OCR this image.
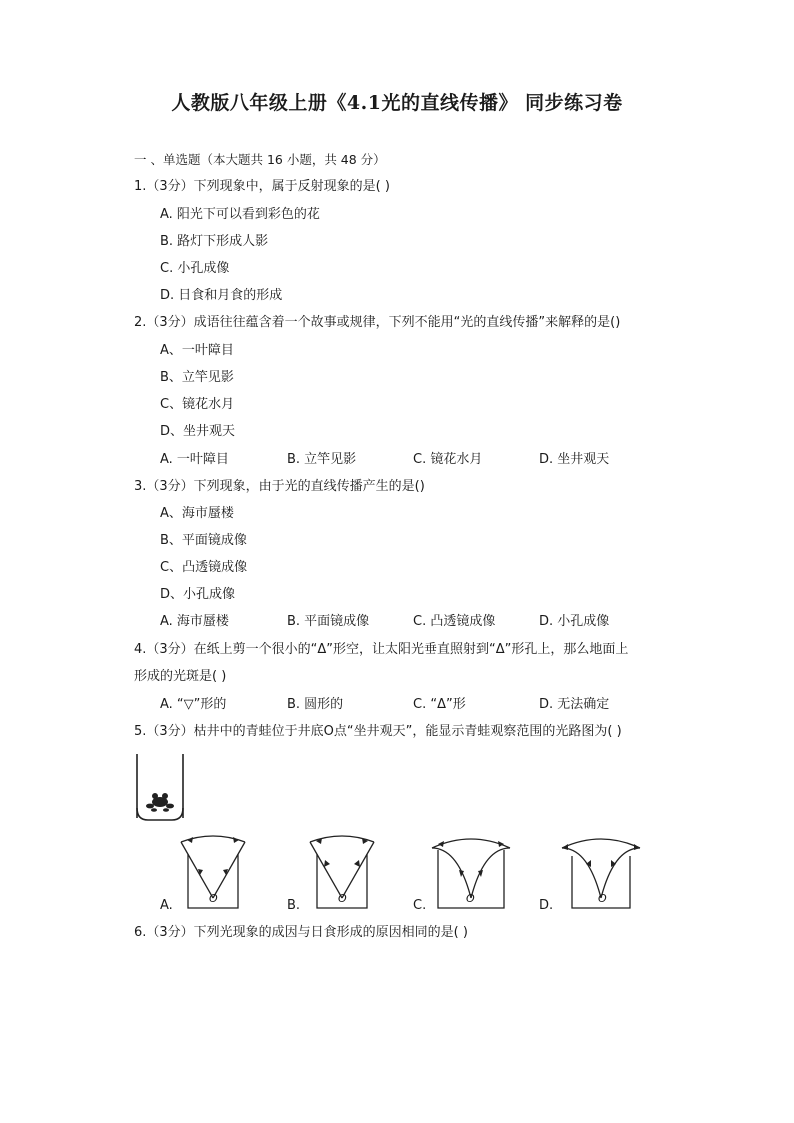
人教版八年级上册《4.1光的直线传播》 同步练习卷
一 、单选题（本大题共 16 小题，共 48 分）
1.（3分）下列现象中，属于反射现象的是( )
A. 阳光下可以看到彩色的花
B. 路灯下形成人影
C. 小孔成像
D. 日食和月食的形成
2.（3分）成语往往蕴含着一个故事或规律，下列不能用“光的直线传播”来解释的是()
A、一叶障目
B、立竿见影
C、镜花水月
D、坐井观天
A. 一叶障目	B. 立竿见影	C. 镜花水月	D. 坐井观天
3.（3分）下列现象，由于光的直线传播产生的是()
A、海市蜃楼
B、平面镜成像
C、凸透镜成像
D、小孔成像
A. 海市蜃楼	B. 平面镜成像	C. 凸透镜成像	D. 小孔成像
4.（3分）在纸上剪一个很小的“Δ”形空，让太阳光垂直照射到“Δ”形孔上，那么地面上
形成的光斑是( )
A. “▽”形的	B. 圆形的	C. “Δ”形	D. 无法确定
5.（3分）枯井中的青蛙位于井底O点“坐井观天”，能显示青蛙观察范围的光路图为( )
O	O	O	O
A.	B.	C.	D.
6.（3分）下列光现象的成因与日食形成的原因相同的是( )
